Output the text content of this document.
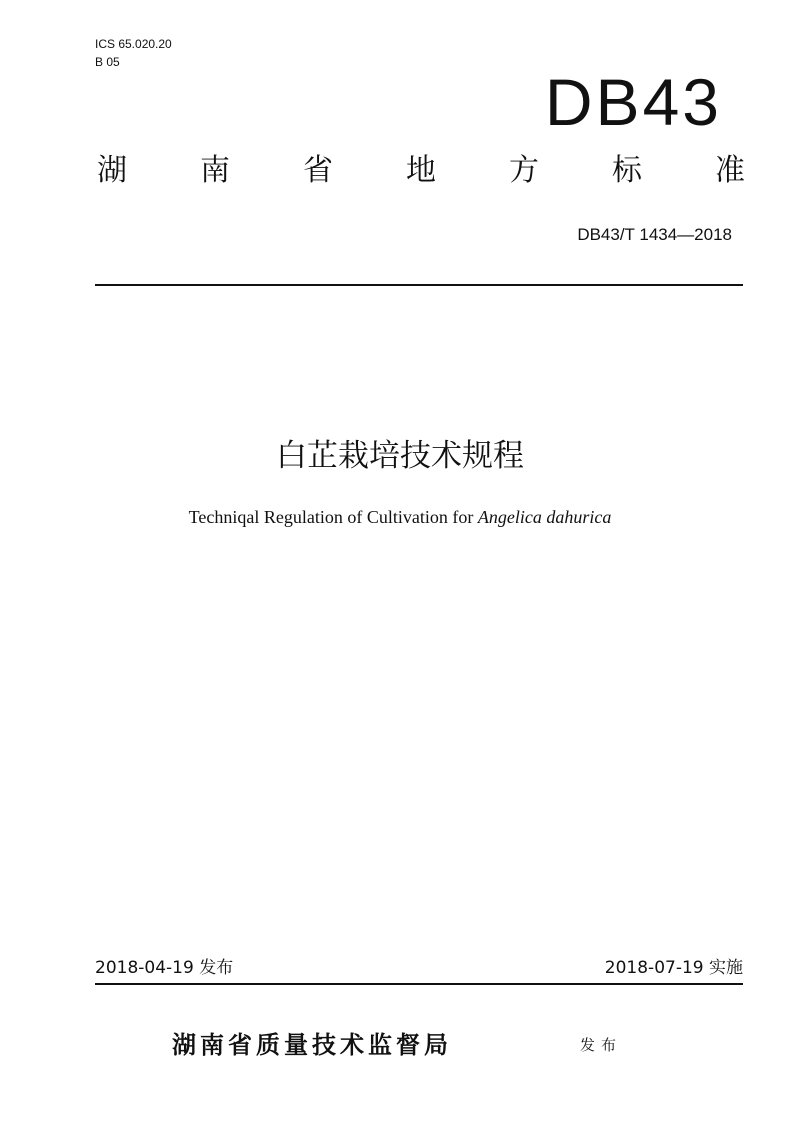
ICS 65.020.20
B 05
DB43
湖 南 省 地 方 标 准
DB43/T 1434—2018
白芷栽培技术规程
Techniqal Regulation of Cultivation for Angelica dahurica
2018-04-19 发布	2018-07-19 实施
湖南省质量技术监督局	发布
